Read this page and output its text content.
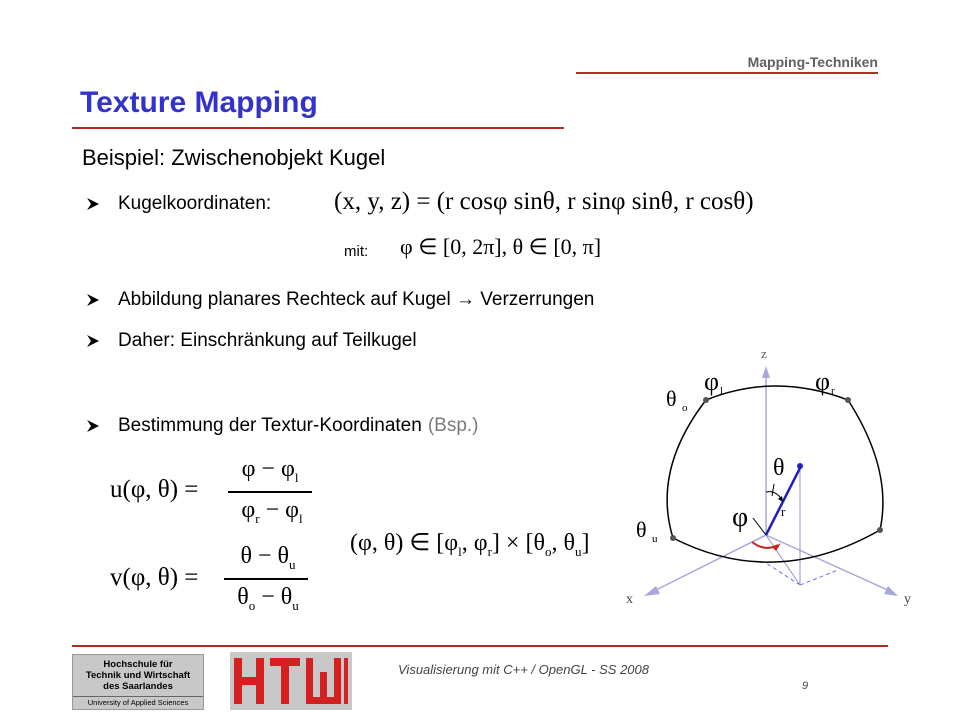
Mapping-Techniken
Texture Mapping
Beispiel: Zwischenobjekt Kugel
Kugelkoordinaten:	(x, y, z) = (r cosφ sinθ, r sinφ sinθ, r cosθ)
mit: φ ∈ [0, 2π], θ ∈ [0, π]
Abbildung planares Rechteck auf Kugel → Verzerrungen
Daher: Einschränkung auf Teilkugel
Bestimmung der Textur-Koordinaten (Bsp.)
u(φ, θ) =
$\varphi - \varphi_l$
$\varphi_r - \varphi_l$
v(φ, θ) =
$\theta - \theta_u$
$\theta_o - \theta_u$
(φ, θ) ∈ [$\varphi_l$, $\varphi_r] \times [\theta_o$, $\theta_u$]
z
x	y
φ l	φ r
θ o
θ u
θ
φ	r
Hochschule für
Technik und Wirtschaft
des Saarlandes
University of Applied Sciences
Visualisierung mit C++ / OpenGL - SS 2008
9
